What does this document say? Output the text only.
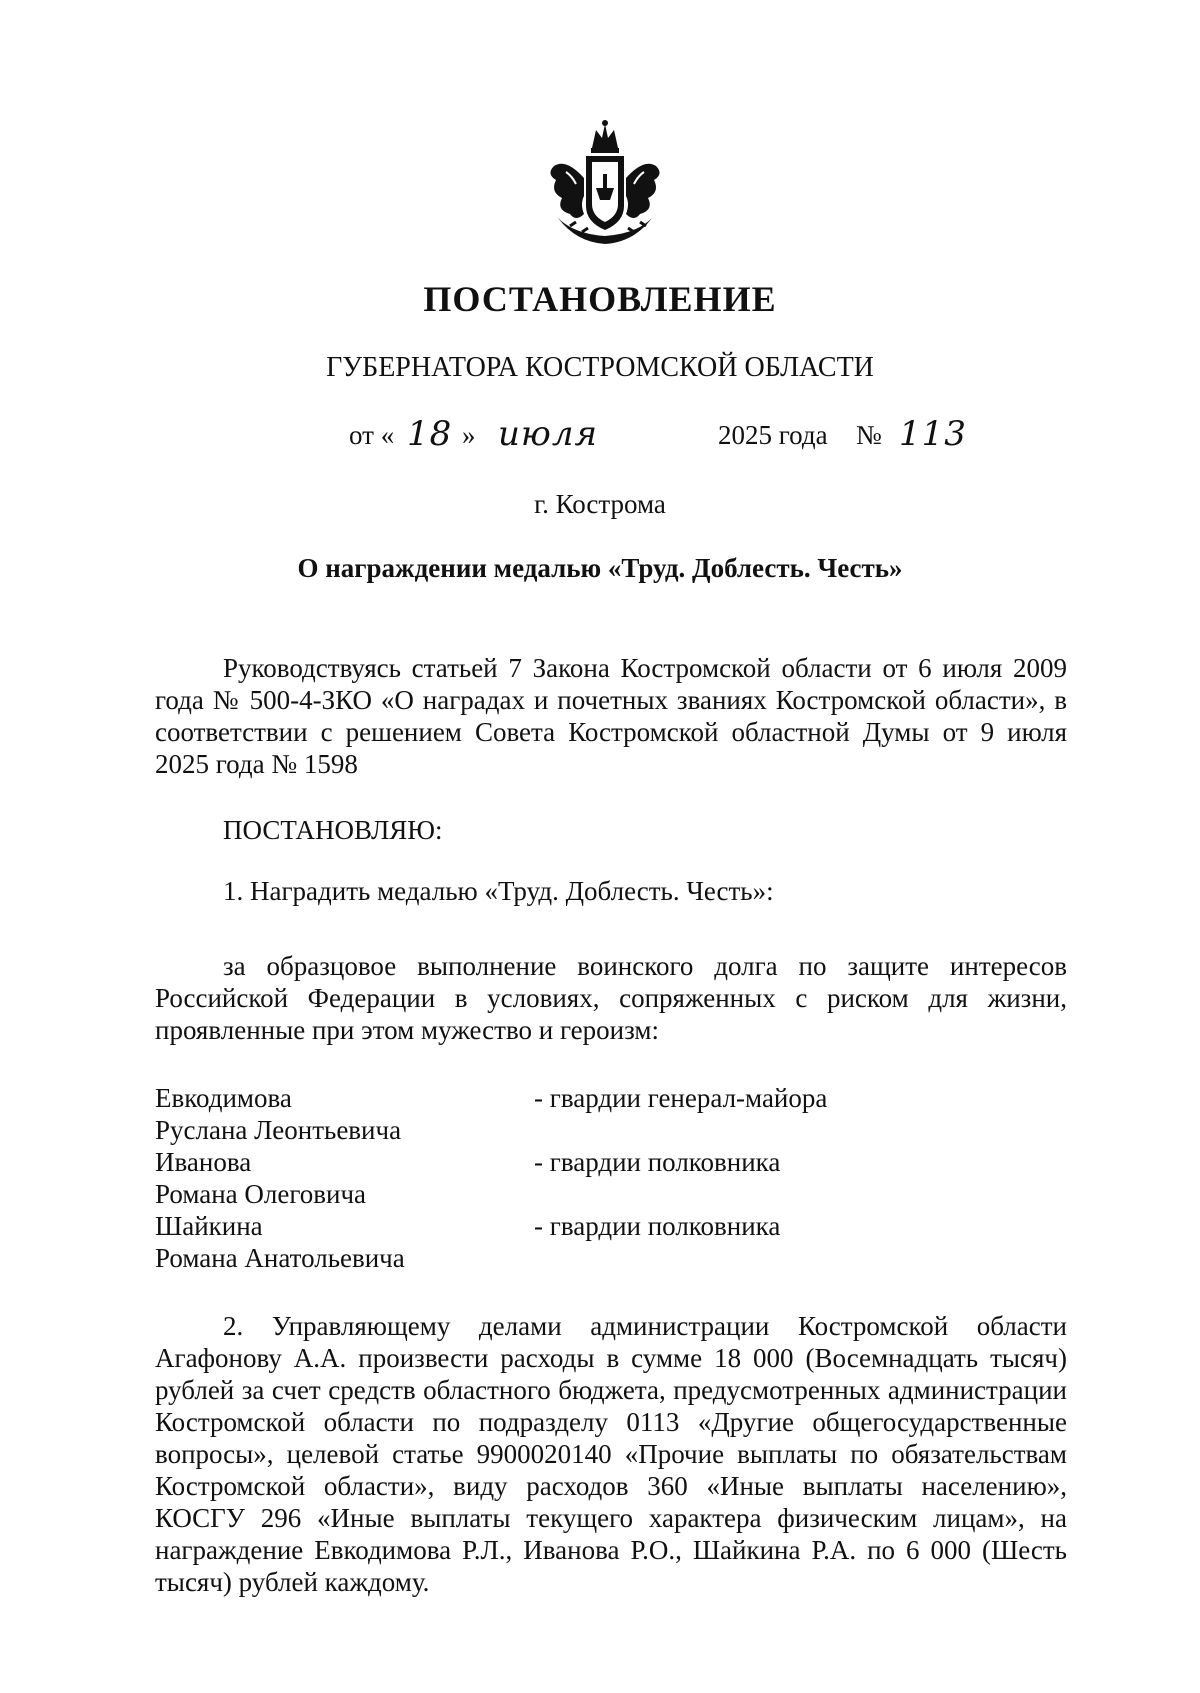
ПОСТАНОВЛЕНИЕ
ГУБЕРНАТОРА КОСТРОМСКОЙ ОБЛАСТИ
от « 18 » июля	2025 года № 113
г. Кострома
О награждении медалью «Труд. Доблесть. Честь»
Руководствуясь статьей 7 Закона Костромской области от 6 июля 2009 года № 500-4-ЗКО «О наградах и почетных званиях Костромской области», в соответствии с решением Совета Костромской областной Думы от 9 июля 2025 года № 1598
ПОСТАНОВЛЯЮ:
1. Наградить медалью «Труд. Доблесть. Честь»:
за образцовое выполнение воинского долга по защите интересов Российской Федерации в условиях, сопряженных с риском для жизни, проявленные при этом мужество и героизм:
Евкодимова
Руслана Леонтьевича
- гвардии генерал-майора
Иванова
Романа Олеговича
- гвардии полковника
Шайкина
Романа Анатольевича
- гвардии полковника
2. Управляющему делами администрации Костромской области Агафонову А.А. произвести расходы в сумме 18 000 (Восемнадцать тысяч) рублей за счет средств областного бюджета, предусмотренных администрации Костромской области по подразделу 0113 «Другие общегосударственные вопросы», целевой статье 9900020140 «Прочие выплаты по обязательствам Костромской области», виду расходов 360 «Иные выплаты населению», КОСГУ 296 «Иные выплаты текущего характера физическим лицам», на награждение Евкодимова Р.Л., Иванова Р.О., Шайкина Р.А. по 6 000 (Шесть тысяч) рублей каждому.
